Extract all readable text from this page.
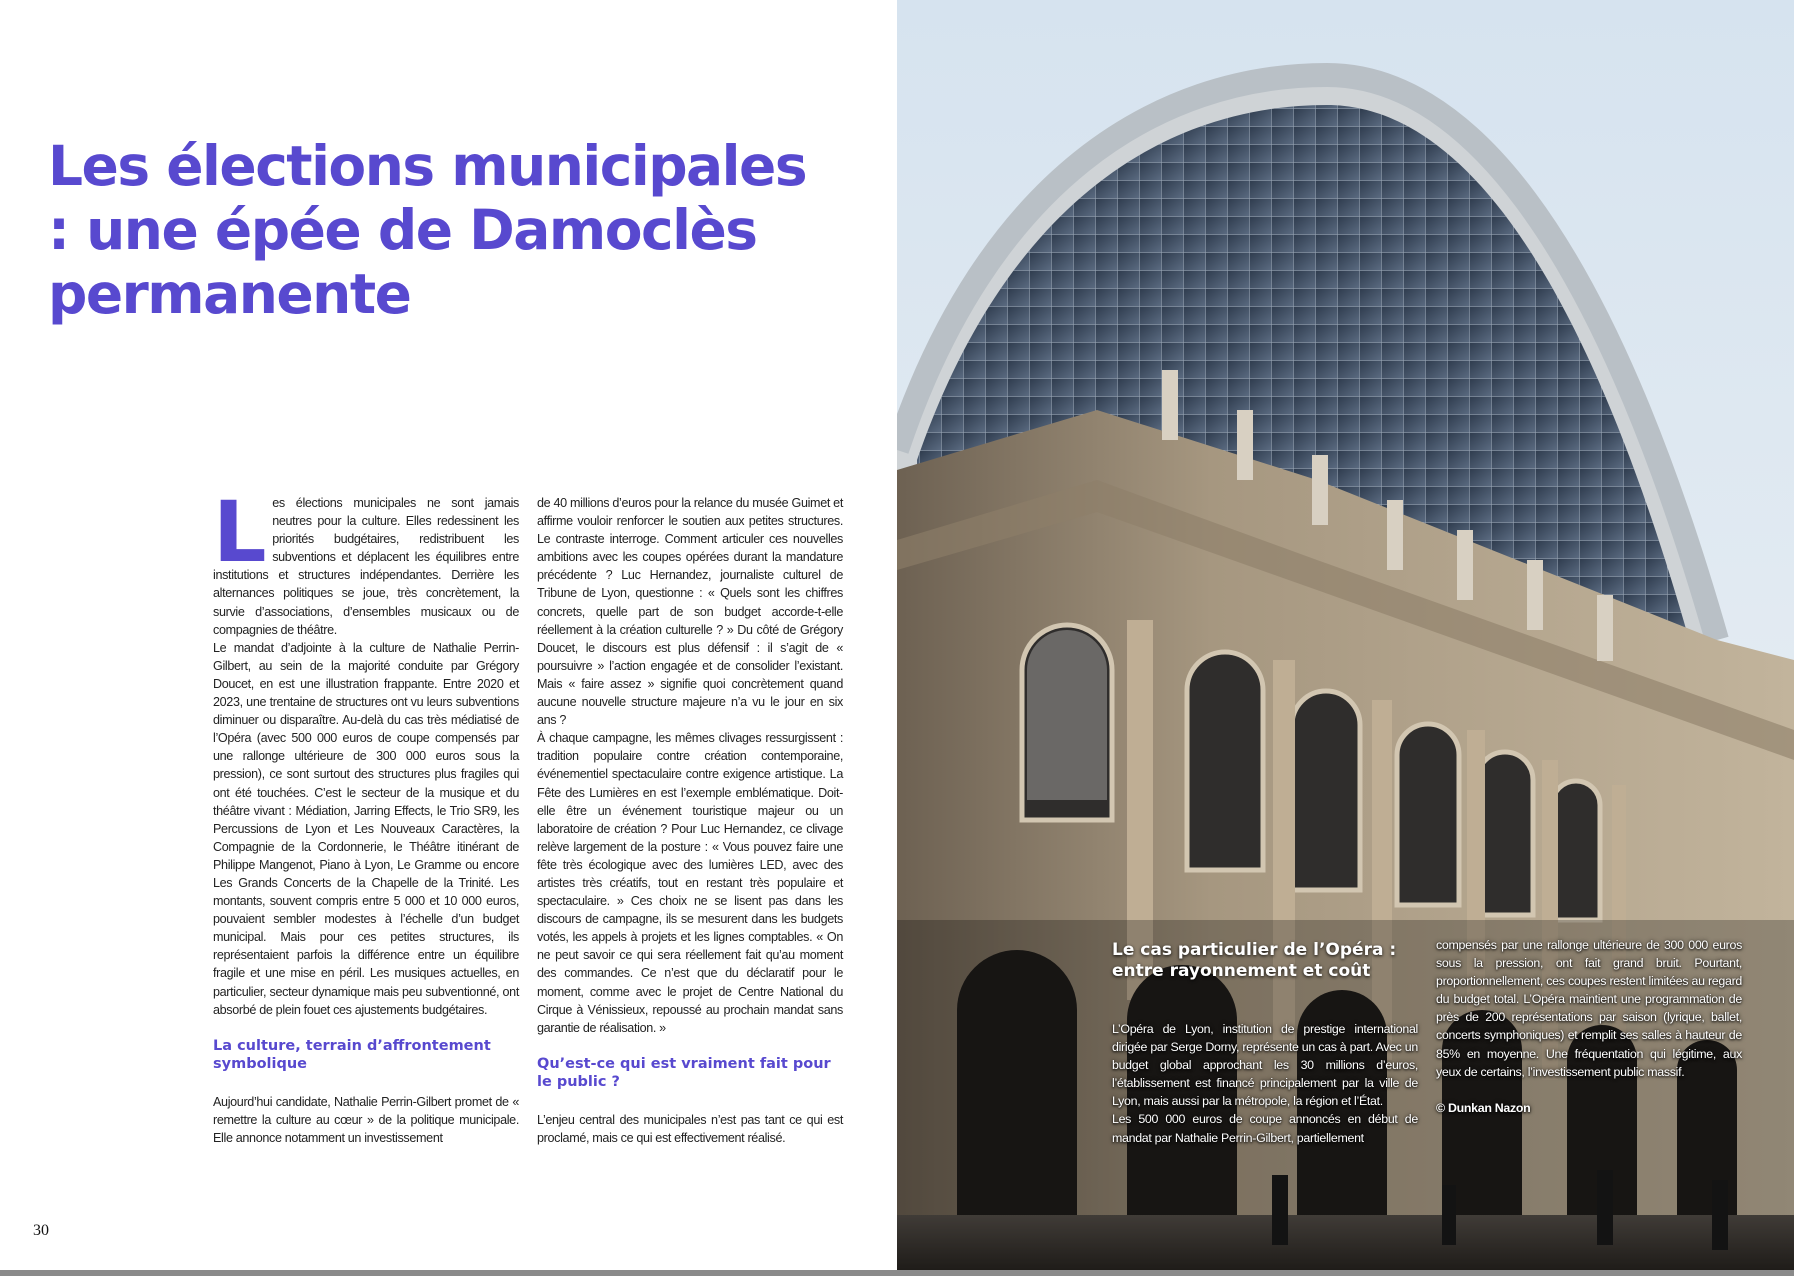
Les élections municipales : une épée de Damoclès permanente

Les élections municipales ne sont jamais neutres pour la culture. Elles redessinent les priorités budgétaires, redistribuent les subventions et déplacent les équilibres entre institutions et structures indépendantes. Derrière les alternances politiques se joue, très concrètement, la survie d’associations, d’ensembles musicaux ou de compagnies de théâtre.

Le mandat d’adjointe à la culture de Nathalie Perrin-Gilbert, au sein de la majorité conduite par Grégory Doucet, en est une illustration frappante. Entre 2020 et 2023, une trentaine de structures ont vu leurs subventions diminuer ou disparaître. Au-delà du cas très médiatisé de l’Opéra (avec 500 000 euros de coupe compensés par une rallonge ultérieure de 300 000 euros sous la pression), ce sont surtout des structures plus fragiles qui ont été touchées. C’est le secteur de la musique et du théâtre vivant : Médiation, Jarring Effects, le Trio SR9, les Percussions de Lyon et Les Nouveaux Caractères, la Compagnie de la Cordonnerie, le Théâtre itinérant de Philippe Mangenot, Piano à Lyon, Le Gramme ou encore Les Grands Concerts de la Chapelle de la Trinité. Les montants, souvent compris entre 5 000 et 10 000 euros, pouvaient sembler modestes à l’échelle d’un budget municipal. Mais pour ces petites structures, ils représentaient parfois la différence entre un équilibre fragile et une mise en péril. Les musiques actuelles, en particulier, secteur dynamique mais peu subventionné, ont absorbé de plein fouet ces ajustements budgétaires.

La culture, terrain d’affrontement symbolique

Aujourd’hui candidate, Nathalie Perrin-Gilbert promet de « remettre la culture au cœur » de la politique municipale. Elle annonce notamment un investissement

de 40 millions d’euros pour la relance du musée Guimet et affirme vouloir renforcer le soutien aux petites structures. Le contraste interroge. Comment articuler ces nouvelles ambitions avec les coupes opérées durant la mandature précédente ? Luc Hernandez, journaliste culturel de Tribune de Lyon, questionne : « Quels sont les chiffres concrets, quelle part de son budget accorde-t-elle réellement à la création culturelle ? » Du côté de Grégory Doucet, le discours est plus défensif : il s’agit de « poursuivre » l’action engagée et de consolider l’existant. Mais « faire assez » signifie quoi concrètement quand aucune nouvelle structure majeure n’a vu le jour en six ans ?

À chaque campagne, les mêmes clivages ressurgissent : tradition populaire contre création contemporaine, événementiel spectaculaire contre exigence artistique. La Fête des Lumières en est l’exemple emblématique. Doit-elle être un événement touristique majeur ou un laboratoire de création ? Pour Luc Hernandez, ce clivage relève largement de la posture : « Vous pouvez faire une fête très écologique avec des lumières LED, avec des artistes très créatifs, tout en restant très populaire et spectaculaire. » Ces choix ne se lisent pas dans les discours de campagne, ils se mesurent dans les budgets votés, les appels à projets et les lignes comptables. « On ne peut savoir ce qui sera réellement fait qu’au moment des commandes. Ce n’est que du déclaratif pour le moment, comme avec le projet de Centre National du Cirque à Vénissieux, repoussé au prochain mandat sans garantie de réalisation. »

Qu’est-ce qui est vraiment fait pour le public ?

L’enjeu central des municipales n’est pas tant ce qui est proclamé, mais ce qui est effectivement réalisé.

30
Le cas particulier de l’Opéra : entre rayonnement et coût

L’Opéra de Lyon, institution de prestige international dirigée par Serge Dorny, représente un cas à part. Avec un budget global approchant les 30 millions d’euros, l’établissement est financé principalement par la ville de Lyon, mais aussi par la métropole, la région et l’État.

Les 500 000 euros de coupe annoncés en début de mandat par Nathalie Perrin-Gilbert, partiellement

compensés par une rallonge ultérieure de 300 000 euros sous la pression, ont fait grand bruit. Pourtant, proportionnellement, ces coupes restent limitées au regard du budget total. L’Opéra maintient une programmation de près de 200 représentations par saison (lyrique, ballet, concerts symphoniques) et remplit ses salles à hauteur de 85% en moyenne. Une fréquentation qui légitime, aux yeux de certains, l’investissement public massif.

© Dunkan Nazon
